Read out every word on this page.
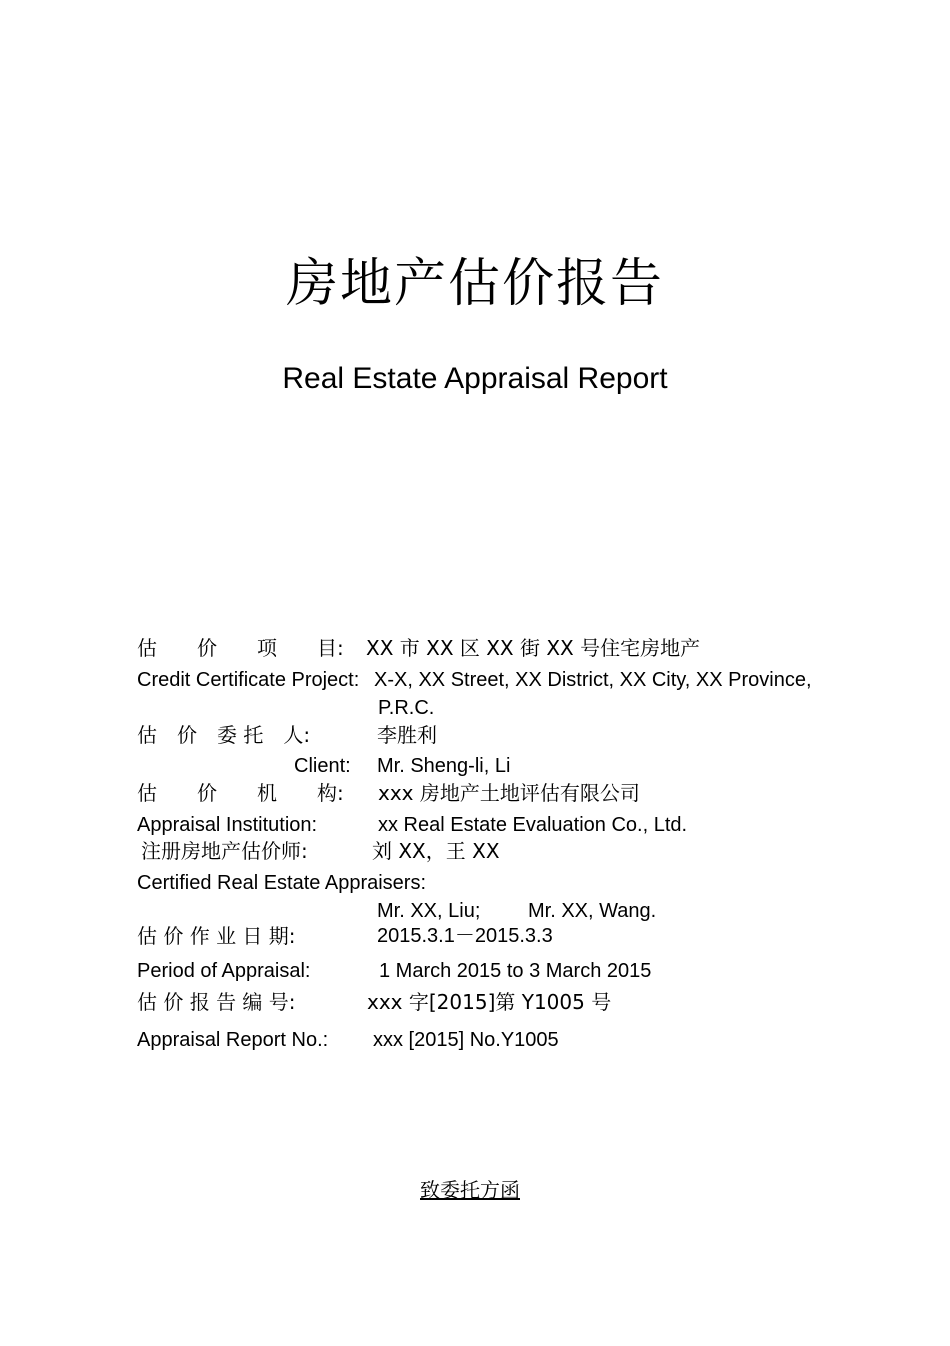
房地产估价报告
Real Estate Appraisal Report
估　　价　　项　　目: XX 市 XX 区 XX 街 XX 号住宅房地产
Credit Certificate Project: X-X, XX Street, XX District, XX City, XX Province,
P.R.C.
估　价　委 托　人:	李胜利
Client: Mr. Sheng-li, Li
估　　价　　机　　构: xxx 房地产土地评估有限公司
Appraisal Institution:	xx Real Estate Evaluation Co., Ltd.
注册房地产估价师:	刘 XX，王 XX
Certified Real Estate Appraisers:
Mr. XX, Liu; Mr. XX, Wang.
估 价 作 业 日 期:	2015.3.1－2015.3.3
Period of Appraisal:	1 March 2015 to 3 March 2015
估 价 报 告 编 号:	xxx 字[2015]第 Y1005 号
Appraisal Report No.: xxx [2015] No.Y1005
致委托方函
